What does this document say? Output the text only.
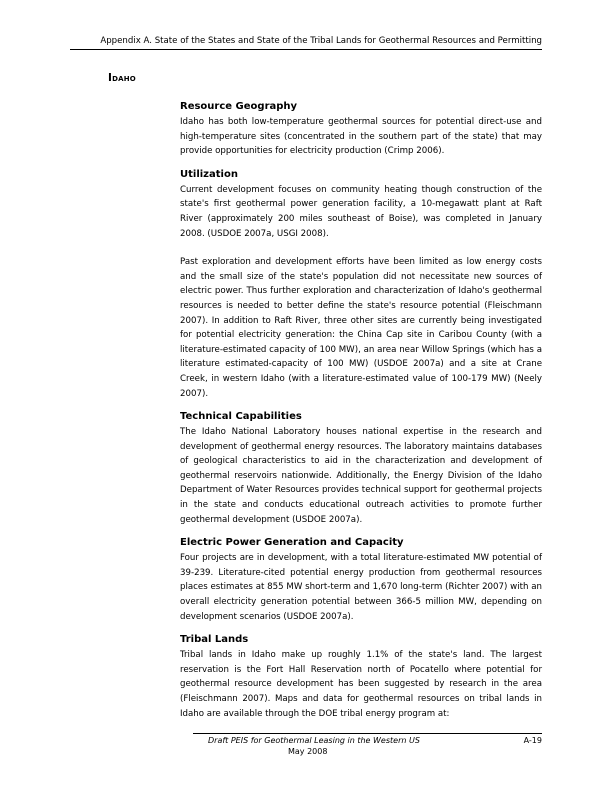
Appendix A. State of the States and State of the Tribal Lands for Geothermal Resources and Permitting
Idaho
Resource Geography

Idaho has both low-temperature geothermal sources for potential direct-use and high-temperature sites (concentrated in the southern part of the state) that may provide opportunities for electricity production (Crimp 2006).

Utilization

Current development focuses on community heating though construction of the state's first geothermal power generation facility, a 10-megawatt plant at Raft River (approximately 200 miles southeast of Boise), was completed in January 2008. (USDOE 2007a, USGI 2008).

Past exploration and development efforts have been limited as low energy costs and the small size of the state's population did not necessitate new sources of electric power. Thus further exploration and characterization of Idaho's geothermal resources is needed to better define the state's resource potential (Fleischmann 2007). In addition to Raft River, three other sites are currently being investigated for potential electricity generation: the China Cap site in Caribou County (with a literature-estimated capacity of 100 MW), an area near Willow Springs (which has a literature estimated-capacity of 100 MW) (USDOE 2007a) and a site at Crane Creek, in western Idaho (with a literature-estimated value of 100-179 MW) (Neely 2007).

Technical Capabilities

The Idaho National Laboratory houses national expertise in the research and development of geothermal energy resources. The laboratory maintains databases of geological characteristics to aid in the characterization and development of geothermal reservoirs nationwide. Additionally, the Energy Division of the Idaho Department of Water Resources provides technical support for geothermal projects in the state and conducts educational outreach activities to promote further geothermal development (USDOE 2007a).

Electric Power Generation and Capacity

Four projects are in development, with a total literature-estimated MW potential of 39-239. Literature-cited potential energy production from geothermal resources places estimates at 855 MW short-term and 1,670 long-term (Richter 2007) with an overall electricity generation potential between 366-5 million MW, depending on development scenarios (USDOE 2007a).

Tribal Lands

Tribal lands in Idaho make up roughly 1.1% of the state's land. The largest reservation is the Fort Hall Reservation north of Pocatello where potential for geothermal resource development has been suggested by research in the area (Fleischmann 2007). Maps and data for geothermal resources on tribal lands in Idaho are available through the DOE tribal energy program at:

Draft PEIS for Geothermal Leasing in the Western US	A-19
May 2008
